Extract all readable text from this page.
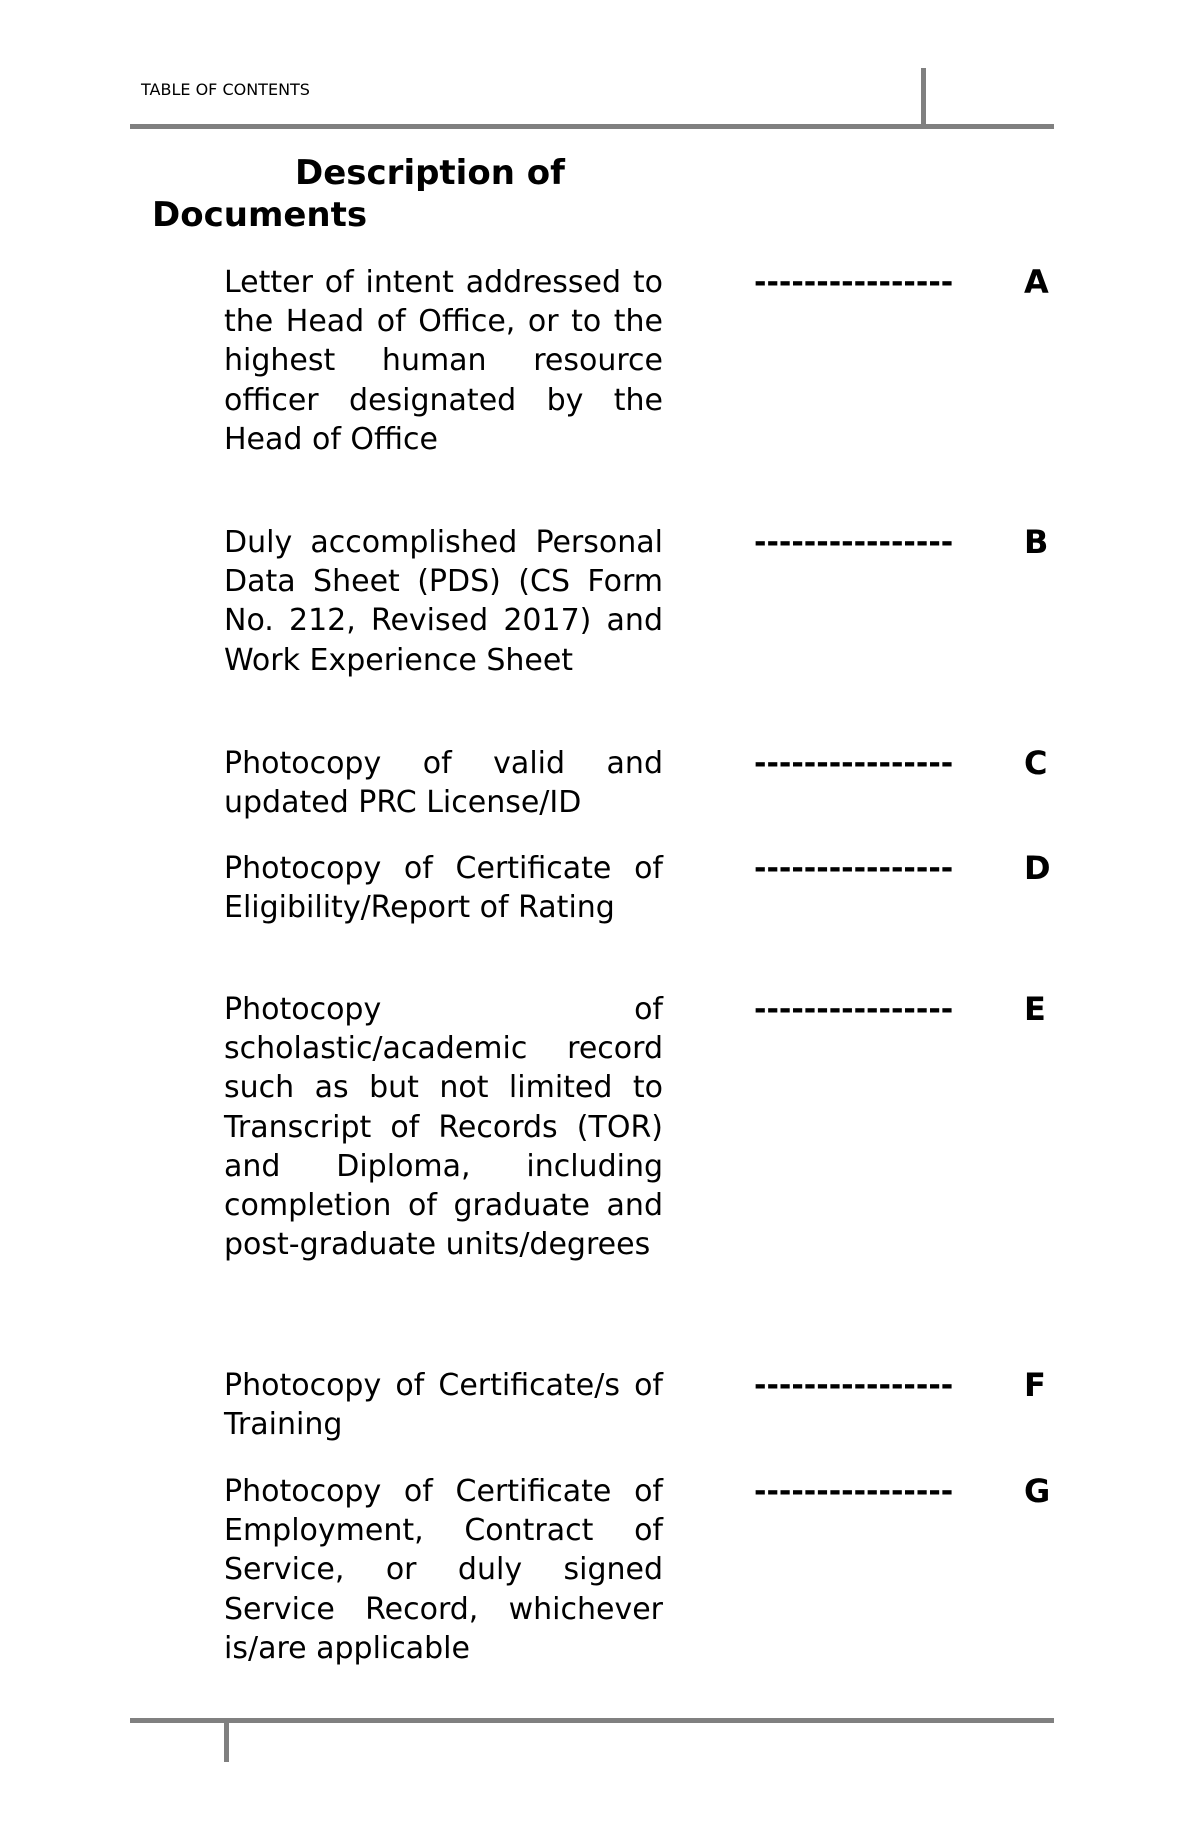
TABLE OF CONTENTS
Description of
Documents
Letter of intent addressed to the Head of Office, or to the highest human resource officer designated by the Head of Office
---------------- A
Duly accomplished Personal Data Sheet (PDS) (CS Form No. 212, Revised 2017) and Work Experience Sheet
---------------- B
Photocopy of valid and updated PRC License/ID
---------------- C
Photocopy of Certificate of Eligibility/Report of Rating
---------------- D
Photocopy of scholastic/academic record such as but not limited to Transcript of Records (TOR) and Diploma, including completion of graduate and post-graduate units/degrees
---------------- E
Photocopy of Certificate/s of Training
---------------- F
Photocopy of Certificate of Employment, Contract of Service, or duly signed Service Record, whichever is/are applicable
---------------- G
